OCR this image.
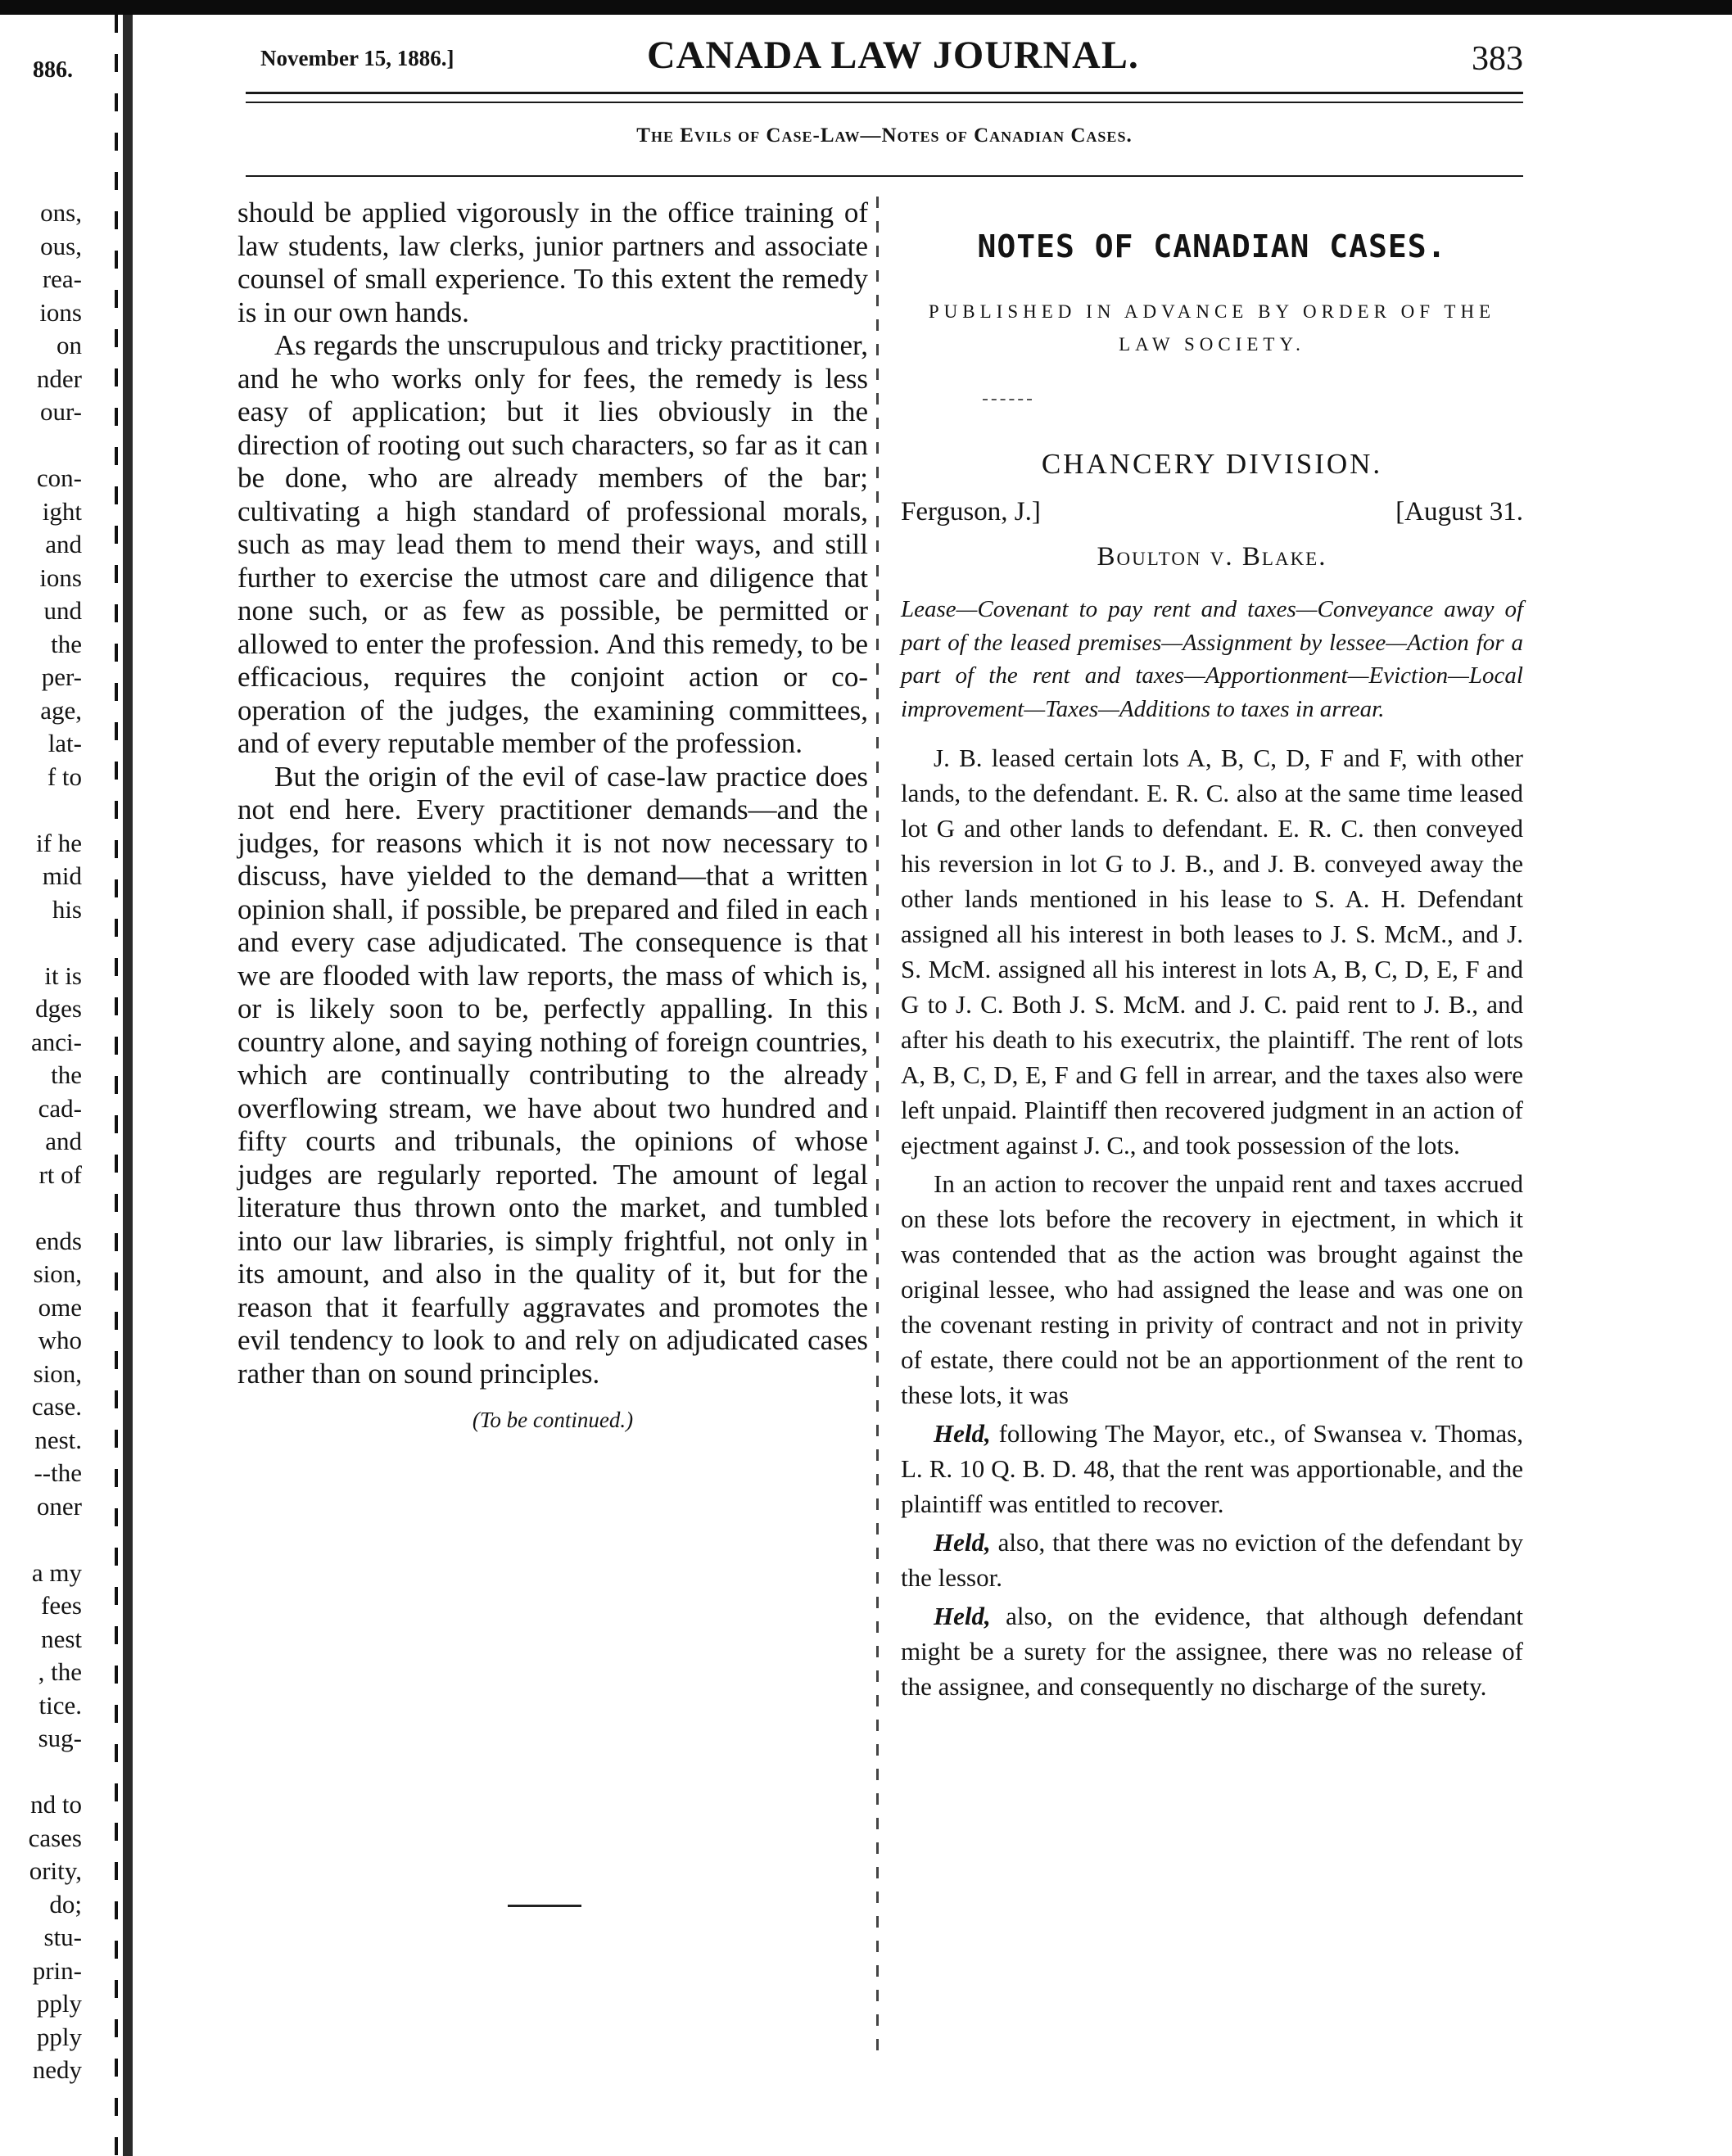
886.
ons,
ous,
rea-
ions
on
nder
our-
con-
ight
and
ions
und
the
per-
age,
lat-
f to
if he
mid
his
it is
dges
anci-
the
cad-
and
rt of
ends
sion,
ome
who
sion,
case.
nest.
--the
oner
a my
fees
nest
, the
tice.
sug-
nd to
cases
ority,
do;
stu-
prin-
pply
pply
nedy
November 15, 1886.]	CANADA LAW JOURNAL.	383
The Evils of Case-Law—Notes of Canadian Cases.

should be applied vigorously in the office training of law students, law clerks, junior partners and associate counsel of small experience. To this extent the remedy is in our own hands.

As regards the unscrupulous and tricky practitioner, and he who works only for fees, the remedy is less easy of application; but it lies obviously in the direction of rooting out such characters, so far as it can be done, who are already members of the bar; cultivating a high standard of professional morals, such as may lead them to mend their ways, and still further to exercise the utmost care and diligence that none such, or as few as possible, be permitted or allowed to enter the profession. And this remedy, to be efficacious, requires the conjoint action or co-operation of the judges, the examining committees, and of every reputable member of the profession.

But the origin of the evil of case-law practice does not end here. Every practitioner demands—and the judges, for reasons which it is not now necessary to discuss, have yielded to the demand—that a written opinion shall, if possible, be prepared and filed in each and every case adjudicated. The consequence is that we are flooded with law reports, the mass of which is, or is likely soon to be, perfectly appalling. In this country alone, and saying nothing of foreign countries, which are continually contributing to the already overflowing stream, we have about two hundred and fifty courts and tribunals, the opinions of whose judges are regularly reported. The amount of legal literature thus thrown onto the market, and tumbled into our law libraries, is simply frightful, not only in its amount, and also in the quality of it, but for the reason that it fearfully aggravates and promotes the evil tendency to look to and rely on adjudicated cases rather than on sound principles.

(To be continued.)
NOTES OF CANADIAN CASES.
PUBLISHED IN ADVANCE BY ORDER OF THE LAW SOCIETY.
CHANCERY DIVISION.
Ferguson, J.]	[August 31.
Boulton v. Blake.

Lease—Covenant to pay rent and taxes—Conveyance away of part of the leased premises—Assignment by lessee—Action for a part of the rent and taxes—Apportionment—Eviction—Local improvement—Taxes—Additions to taxes in arrear.

J. B. leased certain lots A, B, C, D, F and F, with other lands, to the defendant. E. R. C. also at the same time leased lot G and other lands to defendant. E. R. C. then conveyed his reversion in lot G to J. B., and J. B. conveyed away the other lands mentioned in his lease to S. A. H. Defendant assigned all his interest in both leases to J. S. McM., and J. S. McM. assigned all his interest in lots A, B, C, D, E, F and G to J. C. Both J. S. McM. and J. C. paid rent to J. B., and after his death to his executrix, the plaintiff. The rent of lots A, B, C, D, E, F and G fell in arrear, and the taxes also were left unpaid. Plaintiff then recovered judgment in an action of ejectment against J. C., and took possession of the lots.

In an action to recover the unpaid rent and taxes accrued on these lots before the recovery in ejectment, in which it was contended that as the action was brought against the original lessee, who had assigned the lease and was one on the covenant resting in privity of contract and not in privity of estate, there could not be an apportionment of the rent to these lots, it was

Held, following The Mayor, etc., of Swansea v. Thomas, L. R. 10 Q. B. D. 48, that the rent was apportionable, and the plaintiff was entitled to recover.

Held, also, that there was no eviction of the defendant by the lessor.

Held, also, on the evidence, that although defendant might be a surety for the assignee, there was no release of the assignee, and consequently no discharge of the surety.
